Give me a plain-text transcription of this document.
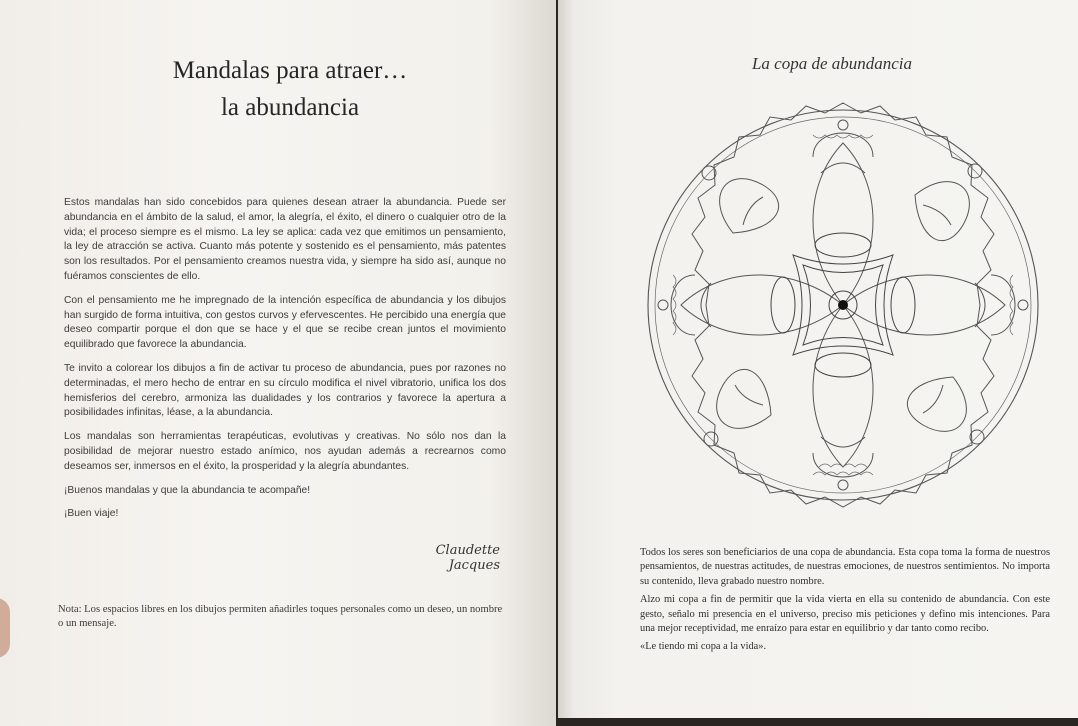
Mandalas para atraer…
la abundancia

Estos mandalas han sido concebidos para quienes desean atraer la abundancia. Puede ser abundancia en el ámbito de la salud, el amor, la alegría, el éxito, el dinero o cualquier otro de la vida; el proceso siempre es el mismo. La ley se aplica: cada vez que emitimos un pensamiento, la ley de atracción se activa. Cuanto más potente y sostenido es el pensamiento, más patentes son los resultados. Por el pensamiento creamos nuestra vida, y siempre ha sido así, aunque no fuéramos conscientes de ello.

Con el pensamiento me he impregnado de la intención específica de abundancia y los dibujos han surgido de forma intuitiva, con gestos curvos y efervescentes. He percibido una energía que deseo compartir porque el don que se hace y el que se recibe crean juntos el movimiento equilibrado que favorece la abundancia.

Te invito a colorear los dibujos a fin de activar tu proceso de abundancia, pues por razones no determinadas, el mero hecho de entrar en su círculo modifica el nivel vibratorio, unifica los dos hemisferios del cerebro, armoniza las dualidades y los contrarios y favorece la apertura a posibilidades infinitas, léase, a la abundancia.

Los mandalas son herramientas terapéuticas, evolutivas y creativas. No sólo nos dan la posibilidad de mejorar nuestro estado anímico, nos ayudan además a recrearnos como deseamos ser, inmersos en el éxito, la prosperidad y la alegría abundantes.

¡Buenos mandalas y que la abundancia te acompañe!

¡Buen viaje!

Claudette Jacques
Nota: Los espacios libres en los dibujos permiten añadirles toques personales como un deseo, un nombre o un mensaje.
La copa de abundancia

Todos los seres son beneficiarios de una copa de abundancia. Esta copa toma la forma de nuestros pensamientos, de nuestras actitudes, de nuestras emociones, de nuestros sentimientos. No importa su contenido, lleva grabado nuestro nombre.

Alzo mi copa a fin de permitir que la vida vierta en ella su contenido de abundancia. Con este gesto, señalo mi presencia en el universo, preciso mis peticiones y defino mis intenciones. Para una mejor receptividad, me enraízo para estar en equilibrio y dar tanto como recibo.

«Le tiendo mi copa a la vida».
